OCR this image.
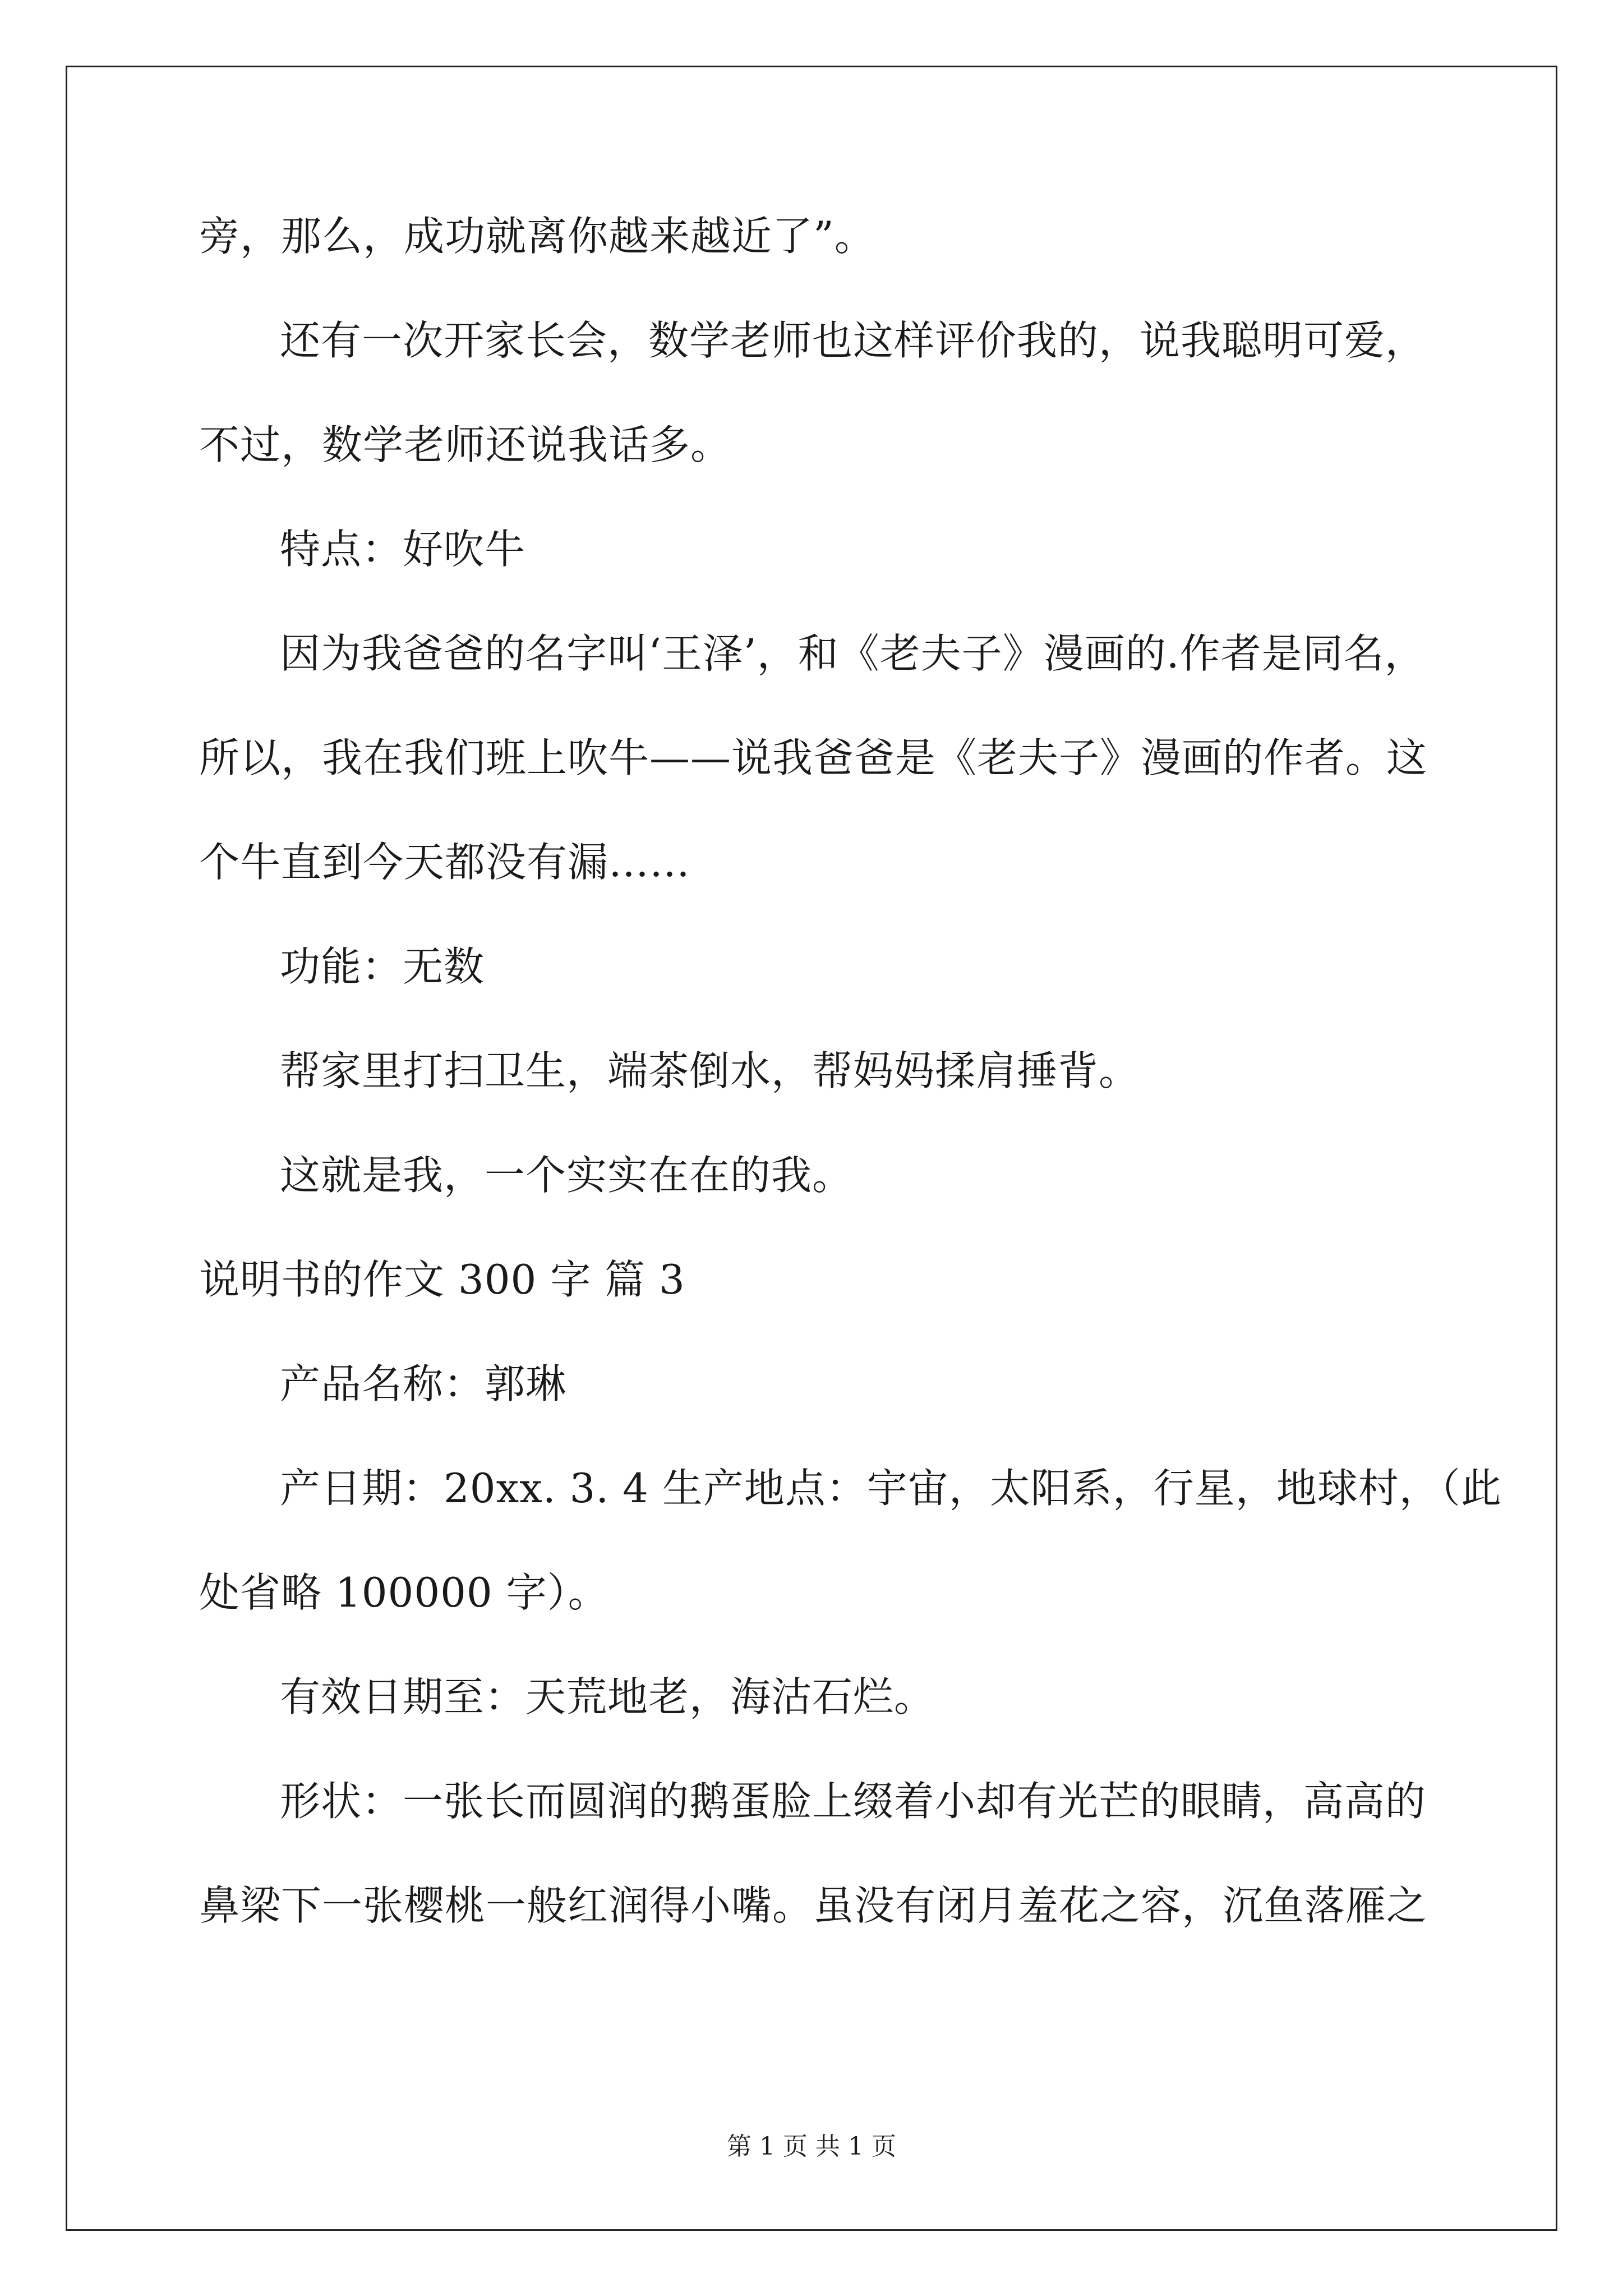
旁，那么，成功就离你越来越近了”。
还有一次开家长会，数学老师也这样评价我的，说我聪明可爱，
不过，数学老师还说我话多。
特点：好吹牛
因为我爸爸的名字叫‘王泽’，和《老夫子》漫画的.作者是同名，
所以，我在我们班上吹牛——说我爸爸是《老夫子》漫画的作者。这
个牛直到今天都没有漏……
功能：无数
帮家里打扫卫生，端茶倒水，帮妈妈揉肩捶背。
这就是我，一个实实在在的我。
说明书的作文 300 字 篇 3
产品名称：郭琳
产日期：20xx. 3. 4 生产地点：宇宙，太阳系，行星，地球村，（此
处省略 100000 字）。
有效日期至：天荒地老，海沽石烂。
形状：一张长而圆润的鹅蛋脸上缀着小却有光芒的眼睛，高高的
鼻梁下一张樱桃一般红润得小嘴。虽没有闭月羞花之容，沉鱼落雁之
第 1 页 共 1 页
